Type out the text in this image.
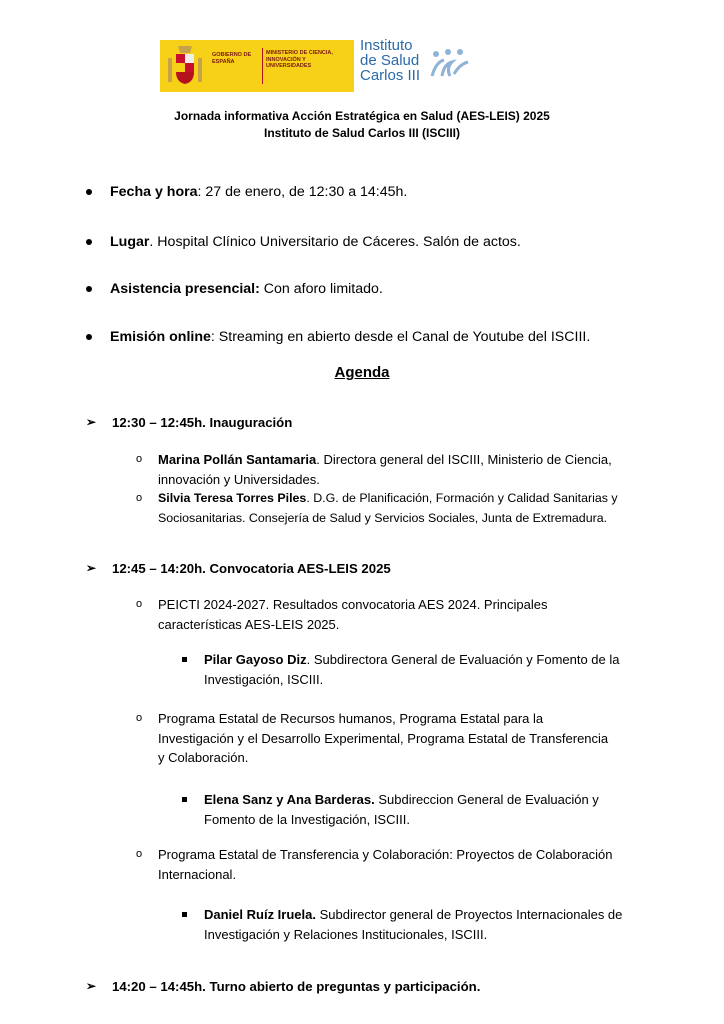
GOBIERNO DE ESPAÑA
MINISTERIO DE CIENCIA, INNOVACIÓN Y UNIVERSIDADES
Instituto
de Salud
Carlos III
Jornada informativa Acción Estratégica en Salud (AES-LEIS) 2025
Instituto de Salud Carlos III (ISCIII)
Fecha y hora: 27 de enero, de 12:30 a 14:45h.
Lugar. Hospital Clínico Universitario de Cáceres. Salón de actos.
Asistencia presencial: Con aforo limitado.
Emisión online: Streaming en abierto desde el Canal de Youtube del ISCIII.
Agenda
➢ 12:30 – 12:45h. Inauguración
o Marina Pollán Santamaria. Directora general del ISCIII, Ministerio de Ciencia, innovación y Universidades.
o Silvia Teresa Torres Piles. D.G. de Planificación, Formación y Calidad Sanitarias y Sociosanitarias. Consejería de Salud y Servicios Sociales, Junta de Extremadura.
➢ 12:45 – 14:20h. Convocatoria AES-LEIS 2025
o PEICTI 2024-2027. Resultados convocatoria AES 2024. Principales características AES-LEIS 2025.
Pilar Gayoso Diz. Subdirectora General de Evaluación y Fomento de la Investigación, ISCIII.
o Programa Estatal de Recursos humanos, Programa Estatal para la Investigación y el Desarrollo Experimental, Programa Estatal de Transferencia y Colaboración.
Elena Sanz y Ana Barderas. Subdireccion General de Evaluación y Fomento de la Investigación, ISCIII.
o Programa Estatal de Transferencia y Colaboración: Proyectos de Colaboración Internacional.
Daniel Ruíz Iruela. Subdirector general de Proyectos Internacionales de Investigación y Relaciones Institucionales, ISCIII.
➢ 14:20 – 14:45h. Turno abierto de preguntas y participación.
